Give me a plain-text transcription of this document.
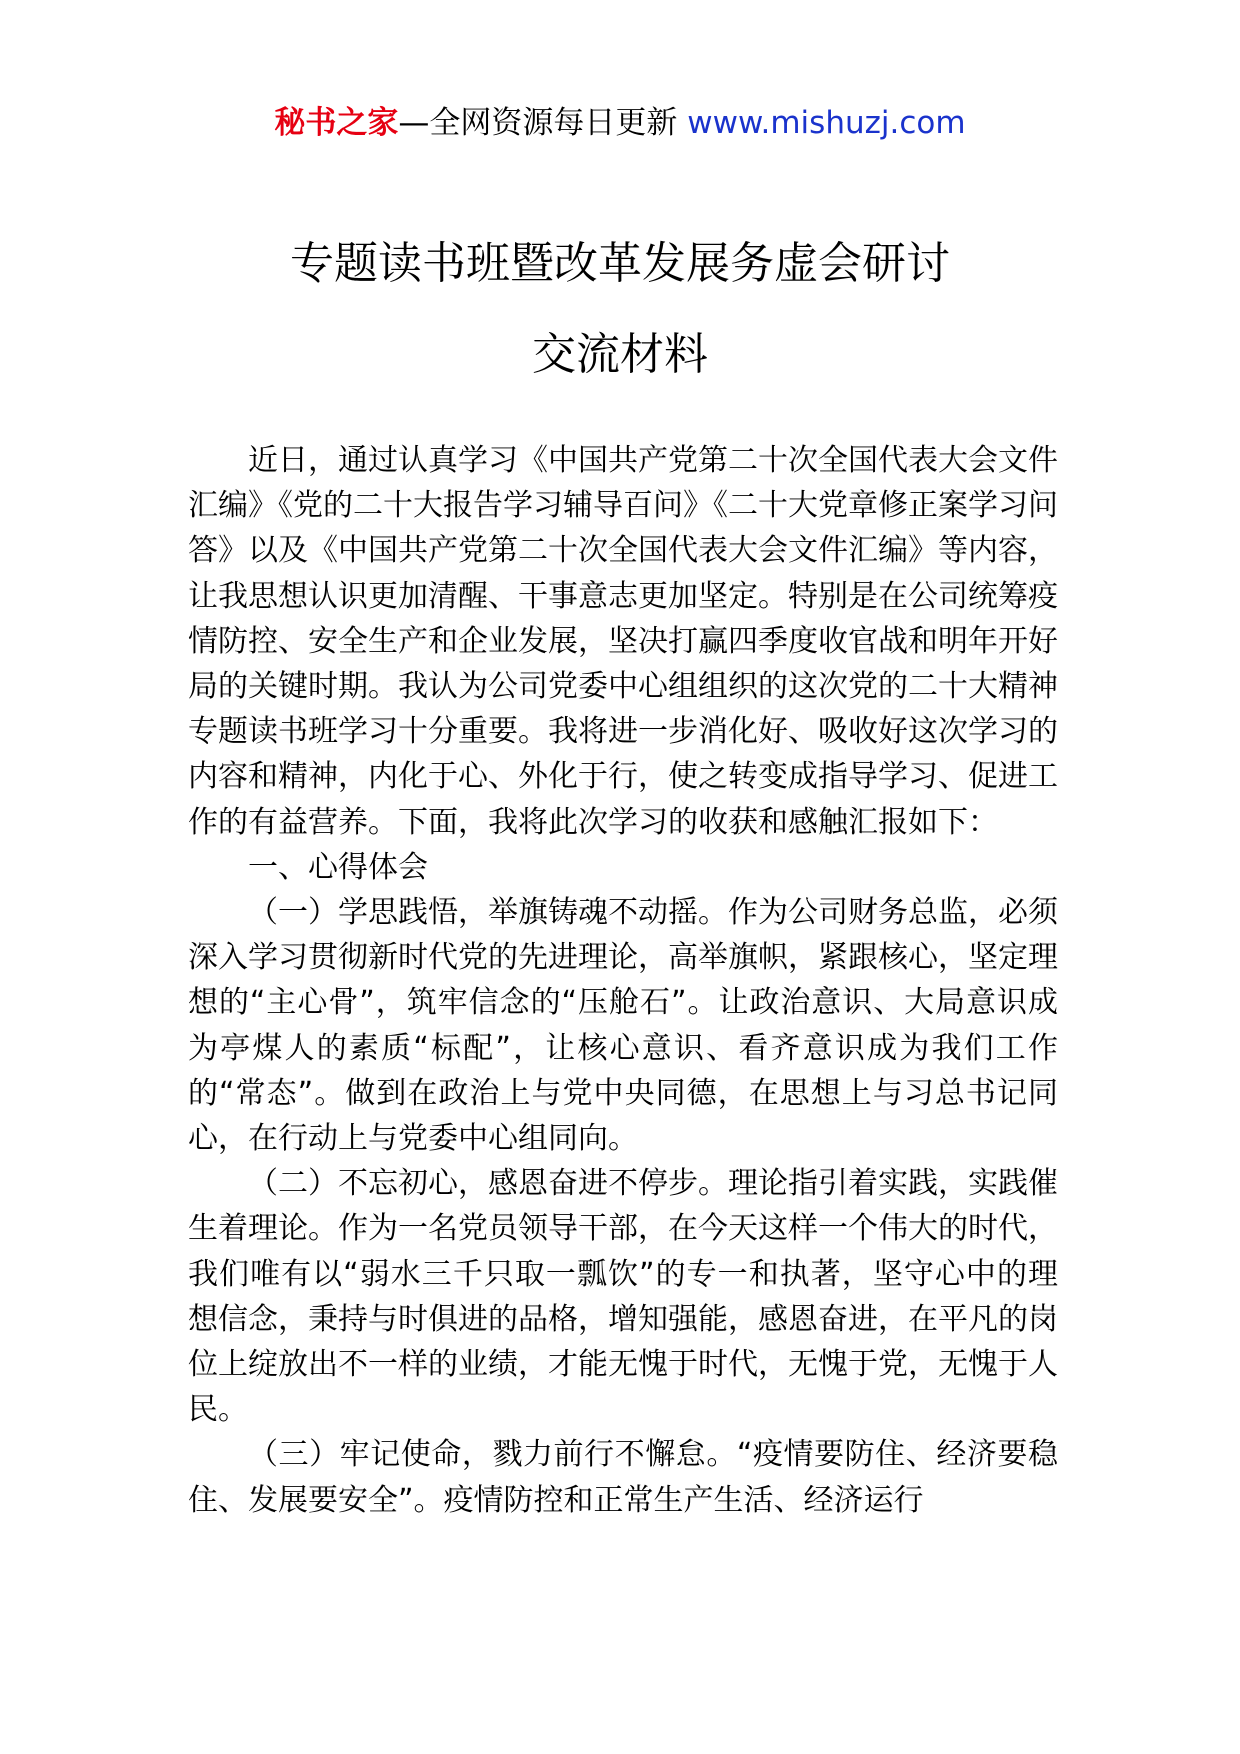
秘书之家—全网资源每日更新 www.mishuzj.com
专题读书班暨改革发展务虚会研讨
交流材料

近日，通过认真学习《中国共产党第二十次全国代表大会文件汇编》《党的二十大报告学习辅导百问》《二十大党章修正案学习问答》以及《中国共产党第二十次全国代表大会文件汇编》等内容，让我思想认识更加清醒、干事意志更加坚定。特别是在公司统筹疫情防控、安全生产和企业发展，坚决打赢四季度收官战和明年开好局的关键时期。我认为公司党委中心组组织的这次党的二十大精神专题读书班学习十分重要。我将进一步消化好、吸收好这次学习的内容和精神，内化于心、外化于行，使之转变成指导学习、促进工作的有益营养。下面，我将此次学习的收获和感触汇报如下：

一、心得体会

（一）学思践悟，举旗铸魂不动摇。作为公司财务总监，必须深入学习贯彻新时代党的先进理论，高举旗帜，紧跟核心，坚定理想的“主心骨”，筑牢信念的“压舱石”。让政治意识、大局意识成为亭煤人的素质“标配”，让核心意识、看齐意识成为我们工作的“常态”。做到在政治上与党中央同德，在思想上与习总书记同心，在行动上与党委中心组同向。

（二）不忘初心，感恩奋进不停步。理论指引着实践，实践催生着理论。作为一名党员领导干部，在今天这样一个伟大的时代，我们唯有以“弱水三千只取一瓢饮”的专一和执著，坚守心中的理想信念，秉持与时俱进的品格，增知强能，感恩奋进，在平凡的岗位上绽放出不一样的业绩，才能无愧于时代，无愧于党，无愧于人民。

（三）牢记使命，戮力前行不懈怠。“疫情要防住、经济要稳住、发展要安全”。疫情防控和正常生产生活、经济运行
